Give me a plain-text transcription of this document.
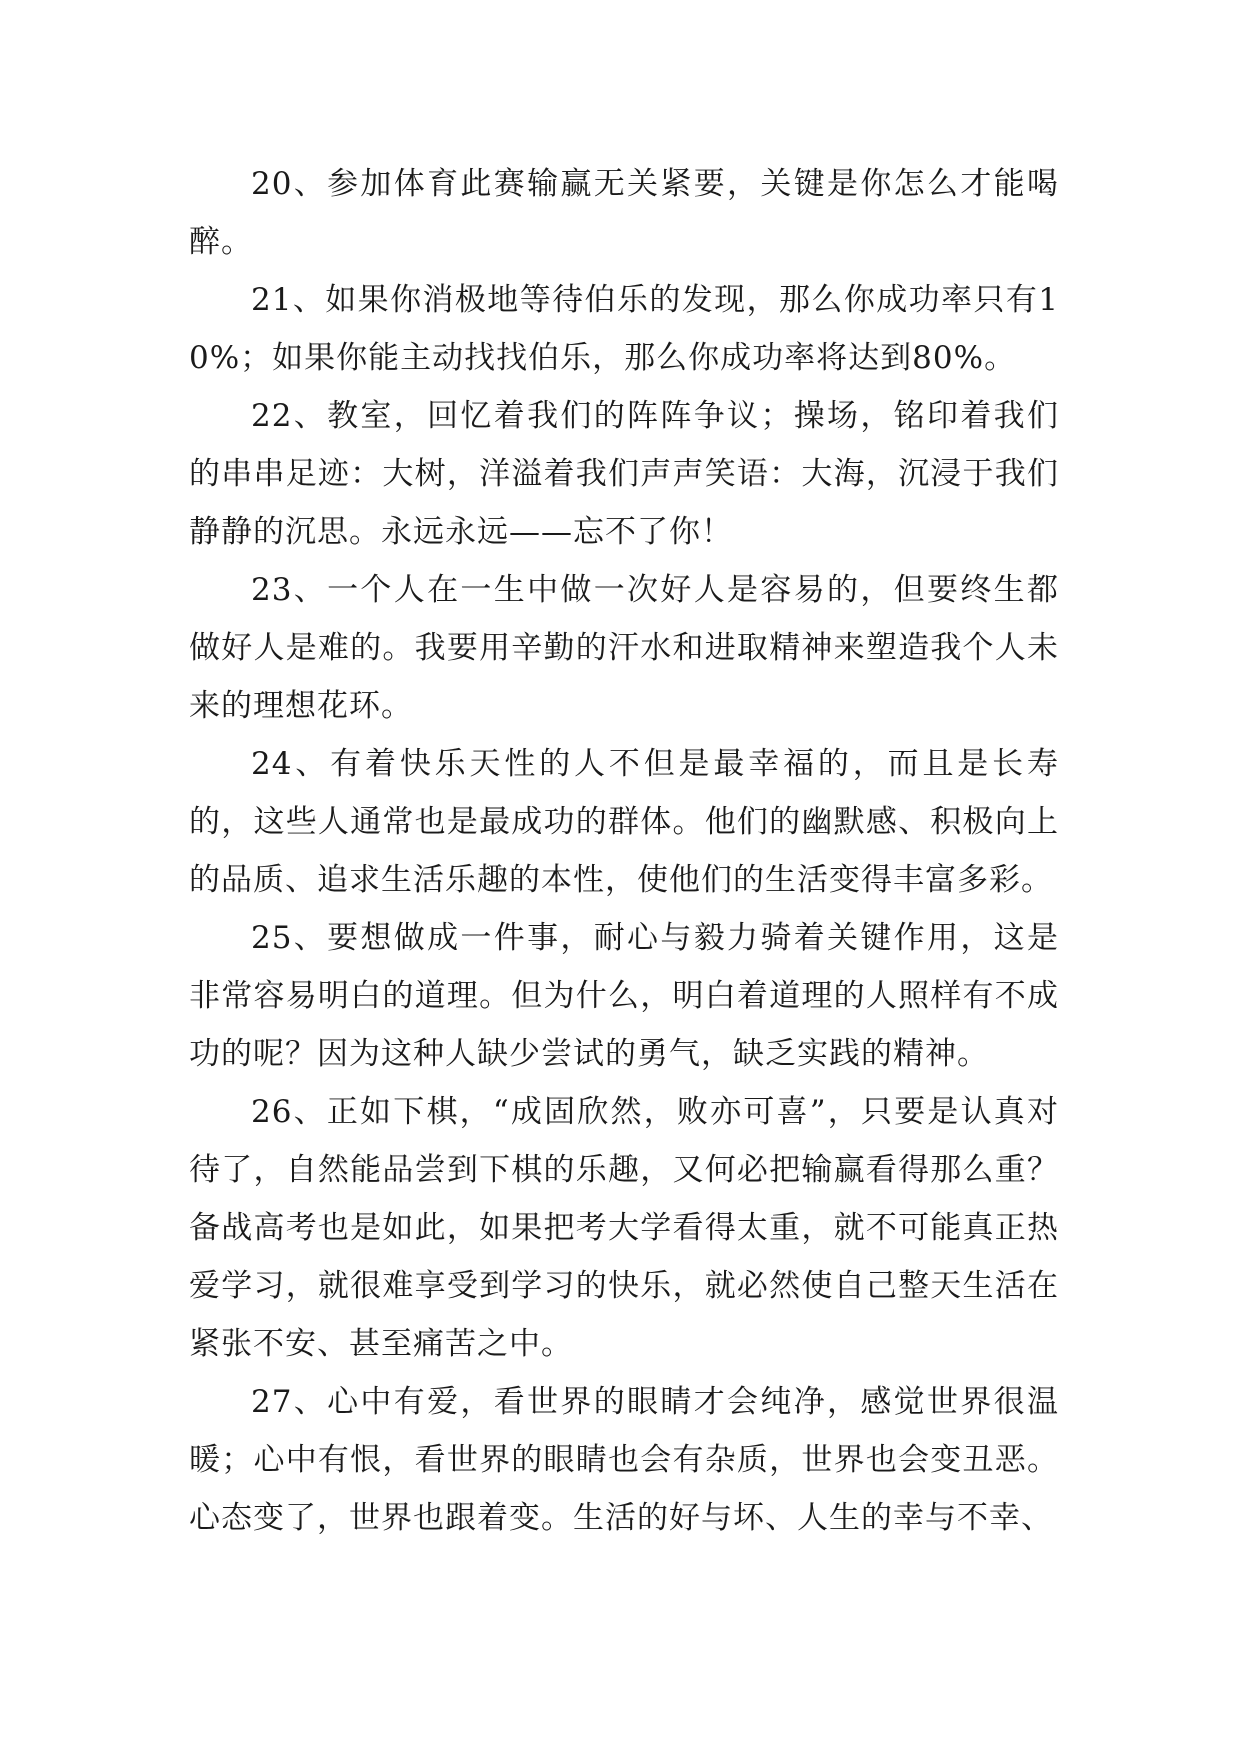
20、参加体育此赛输赢无关紧要，关键是你怎么才能喝醉。

21、如果你消极地等待伯乐的发现，那么你成功率只有10%；如果你能主动找找伯乐，那么你成功率将达到80%。

22、教室，回忆着我们的阵阵争议；操场，铭印着我们的串串足迹：大树，洋溢着我们声声笑语：大海，沉浸于我们静静的沉思。永远永远——忘不了你！

23、一个人在一生中做一次好人是容易的，但要终生都做好人是难的。我要用辛勤的汗水和进取精神来塑造我个人未来的理想花环。

24、有着快乐天性的人不但是最幸福的，而且是长寿的，这些人通常也是最成功的群体。他们的幽默感、积极向上的品质、追求生活乐趣的本性，使他们的生活变得丰富多彩。

25、要想做成一件事，耐心与毅力骑着关键作用，这是非常容易明白的道理。但为什么，明白着道理的人照样有不成功的呢？因为这种人缺少尝试的勇气，缺乏实践的精神。

26、正如下棋，“成固欣然，败亦可喜”，只要是认真对待了，自然能品尝到下棋的乐趣，又何必把输赢看得那么重？备战高考也是如此，如果把考大学看得太重，就不可能真正热爱学习，就很难享受到学习的快乐，就必然使自己整天生活在紧张不安、甚至痛苦之中。

27、心中有爱，看世界的眼睛才会纯净，感觉世界很温暖；心中有恨，看世界的眼睛也会有杂质，世界也会变丑恶。心态变了，世界也跟着变。生活的好与坏、人生的幸与不幸、
